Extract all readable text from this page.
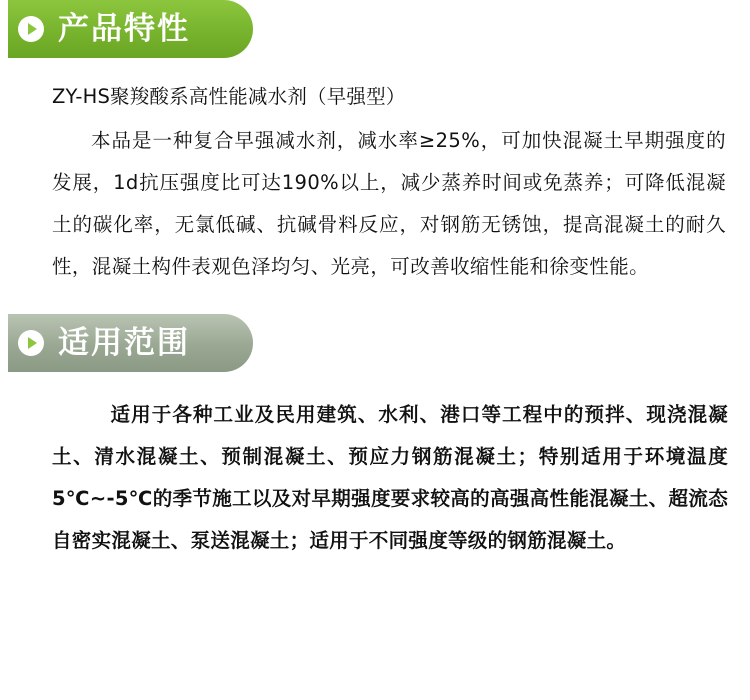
产品特性
ZY-HS聚羧酸系高性能减水剂（早强型）
本品是一种复合早强减水剂，减水率≥25%，可加快混凝土早期强度的发展，1d抗压强度比可达190%以上，减少蒸养时间或免蒸养；可降低混凝土的碳化率，无氯低碱、抗碱骨料反应，对钢筋无锈蚀，提高混凝土的耐久性，混凝土构件表观色泽均匀、光亮，可改善收缩性能和徐变性能。
适用范围
适用于各种工业及民用建筑、水利、港口等工程中的预拌、现浇混凝土、清水混凝土、预制混凝土、预应力钢筋混凝土；特别适用于环境温度5℃~-5℃的季节施工以及对早期强度要求较高的高强高性能混凝土、超流态自密实混凝土、泵送混凝土；适用于不同强度等级的钢筋混凝土。
